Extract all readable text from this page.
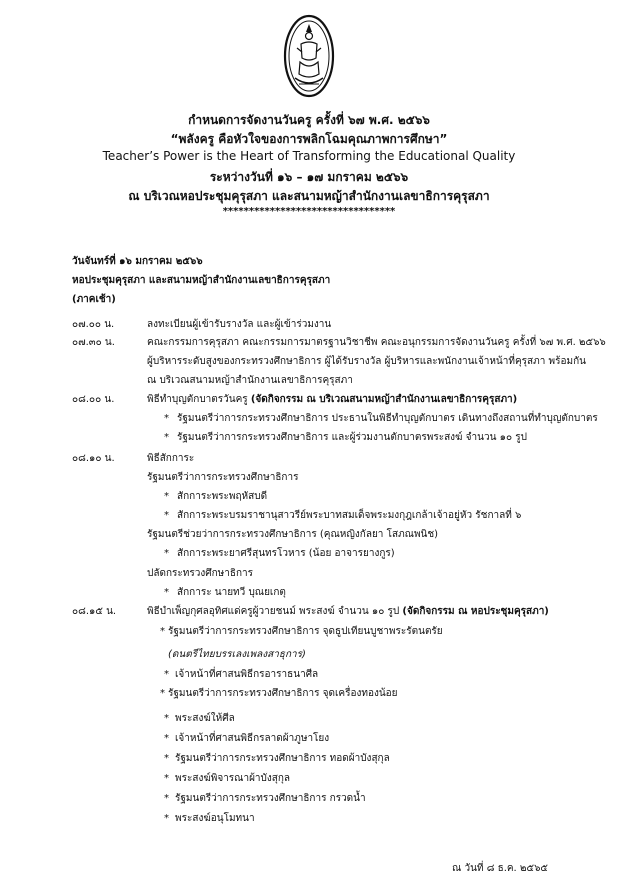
กำหนดการจัดงานวันครู ครั้งที่ ๖๗ พ.ศ. ๒๕๖๖
“พลังครู คือหัวใจของการพลิกโฉมคุณภาพการศึกษา”
Teacher’s Power is the Heart of Transforming the Educational Quality
ระหว่างวันที่ ๑๖ – ๑๗ มกราคม ๒๕๖๖
ณ บริเวณหอประชุมคุรุสภา และสนามหญ้าสำนักงานเลขาธิการคุรุสภา
*********************************
วันจันทร์ที่ ๑๖ มกราคม ๒๕๖๖
หอประชุมคุรุสภา และสนามหญ้าสำนักงานเลขาธิการคุรุสภา
(ภาคเช้า)
๐๗.๐๐ น.	ลงทะเบียนผู้เข้ารับรางวัล และผู้เข้าร่วมงาน
๐๗.๓๐ น.	คณะกรรมการคุรุสภา คณะกรรมการมาตรฐานวิชาชีพ คณะอนุกรรมการจัดงานวันครู ครั้งที่ ๖๗ พ.ศ. ๒๕๖๖
ผู้บริหารระดับสูงของกระทรวงศึกษาธิการ ผู้ได้รับรางวัล ผู้บริหารและพนักงานเจ้าหน้าที่คุรุสภา พร้อมกัน
ณ บริเวณสนามหญ้าสำนักงานเลขาธิการคุรุสภา
๐๘.๐๐ น.	พิธีทำบุญตักบาตรวันครู (จัดกิจกรรม ณ บริเวณสนามหญ้าสำนักงานเลขาธิการคุรุสภา)
* รัฐมนตรีว่าการกระทรวงศึกษาธิการ ประธานในพิธีทำบุญตักบาตร เดินทางถึงสถานที่ทำบุญตักบาตร
* รัฐมนตรีว่าการกระทรวงศึกษาธิการ และผู้ร่วมงานตักบาตรพระสงฆ์ จำนวน ๑๐ รูป
๐๘.๑๐ น.	พิธีสักการะ
รัฐมนตรีว่าการกระทรวงศึกษาธิการ
* สักการะพระพฤหัสบดี
* สักการะพระบรมราชานุสาวรีย์พระบาทสมเด็จพระมงกุฎเกล้าเจ้าอยู่หัว รัชกาลที่ ๖
รัฐมนตรีช่วยว่าการกระทรวงศึกษาธิการ (คุณหญิงกัลยา โสภณพนิช)
* สักการะพระยาศรีสุนทรโวหาร (น้อย อาจารยางกูร)
ปลัดกระทรวงศึกษาธิการ
* สักการะ นายทวี บุณยเกตุ
๐๘.๑๕ น.	พิธีบำเพ็ญกุศลอุทิศแด่ครูผู้วายชนม์ พระสงฆ์ จำนวน ๑๐ รูป (จัดกิจกรรม ณ หอประชุมคุรุสภา)
* รัฐมนตรีว่าการกระทรวงศึกษาธิการ จุดธูปเทียนบูชาพระรัตนตรัย
(ดนตรีไทยบรรเลงเพลงสาธุการ)
* เจ้าหน้าที่ศาสนพิธีกรอาราธนาศีล
* รัฐมนตรีว่าการกระทรวงศึกษาธิการ จุดเครื่องทองน้อย
* พระสงฆ์ให้ศีล
* เจ้าหน้าที่ศาสนพิธีกรลาดผ้าภูษาโยง
* รัฐมนตรีว่าการกระทรวงศึกษาธิการ ทอดผ้าบังสุกุล
* พระสงฆ์พิจารณาผ้าบังสุกุล
* รัฐมนตรีว่าการกระทรวงศึกษาธิการ กรวดน้ำ
* พระสงฆ์อนุโมทนา
ณ วันที่ ๘ ธ.ค. ๒๕๖๕
